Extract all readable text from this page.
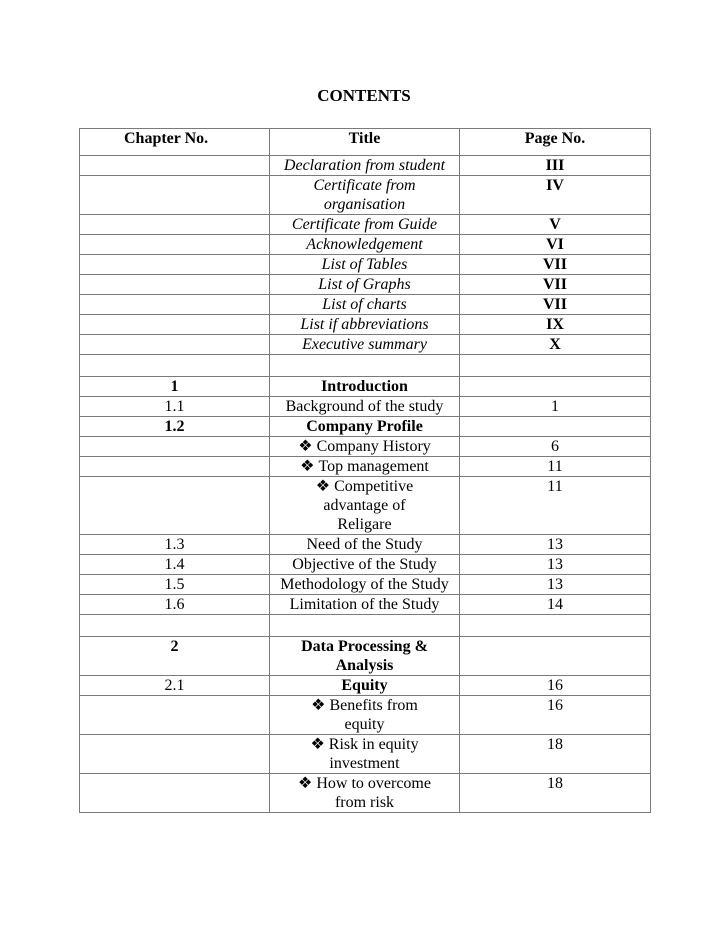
CONTENTS
Chapter No.	Title	Page No.
	Declaration from student	III
	Certificate from organisation	IV
	Certificate from Guide	V
	Acknowledgement	VI
	List of Tables	VII
	List of Graphs	VII
	List of charts	VII
	List if abbreviations	IX
	Executive summary	X

1	Introduction	
1.1	Background of the study	1
1.2	Company Profile	
	❖ Company History	6
	❖ Top management	11
	❖ Competitive advantage of Religare	11
1.3	Need of the Study	13
1.4	Objective of the Study	13
1.5	Methodology of the Study	13
1.6	Limitation of the Study	14

2	Data Processing & Analysis	
2.1	Equity	16
	❖ Benefits from equity	16
	❖ Risk in equity investment	18
	❖ How to overcome from risk	18
